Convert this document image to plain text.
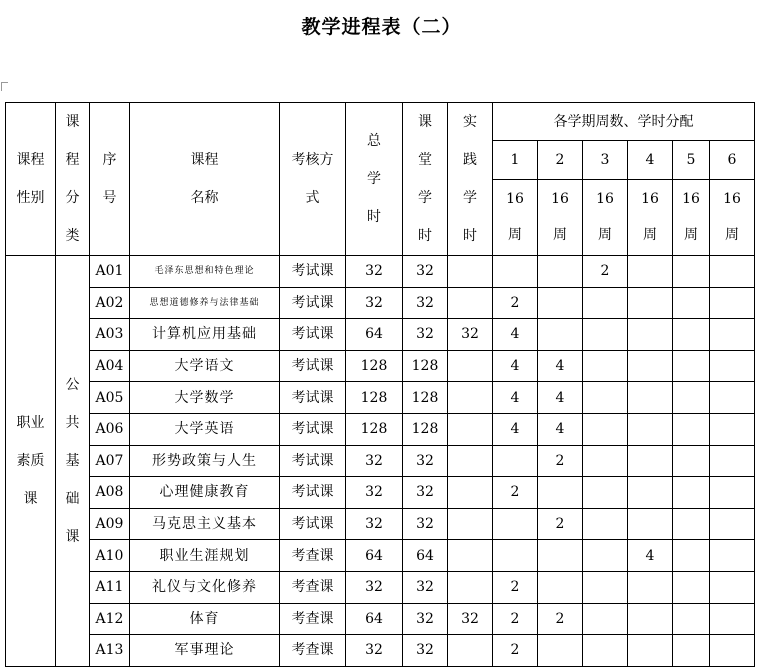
教学进程表（二）
课程性别	课程分类	序号	课程名称	考核方式	总学时	课堂学时	实践学时	各学期周数、学时分配					
								1	2	3	4	5	6
								16周	16周	16周	16周	16周	16周
职业素质课	公共基础课	A01	毛泽东思想和特色理论	考试课	32	32				2			
		A02	思想道德修养与法律基础	考试课	32	32		2					
		A03	计算机应用基础	考试课	64	32	32	4					
		A04	大学语文	考试课	128	128		4	4				
		A05	大学数学	考试课	128	128		4	4				
		A06	大学英语	考试课	128	128		4	4				
		A07	形势政策与人生	考试课	32	32			2				
		A08	心理健康教育	考试课	32	32		2					
		A09	马克思主义基本	考试课	32	32			2				
		A10	职业生涯规划	考查课	64	64					4		
		A11	礼仪与文化修养	考查课	32	32		2					
		A12	体育	考查课	64	32	32	2	2				
		A13	军事理论	考查课	32	32		2					
